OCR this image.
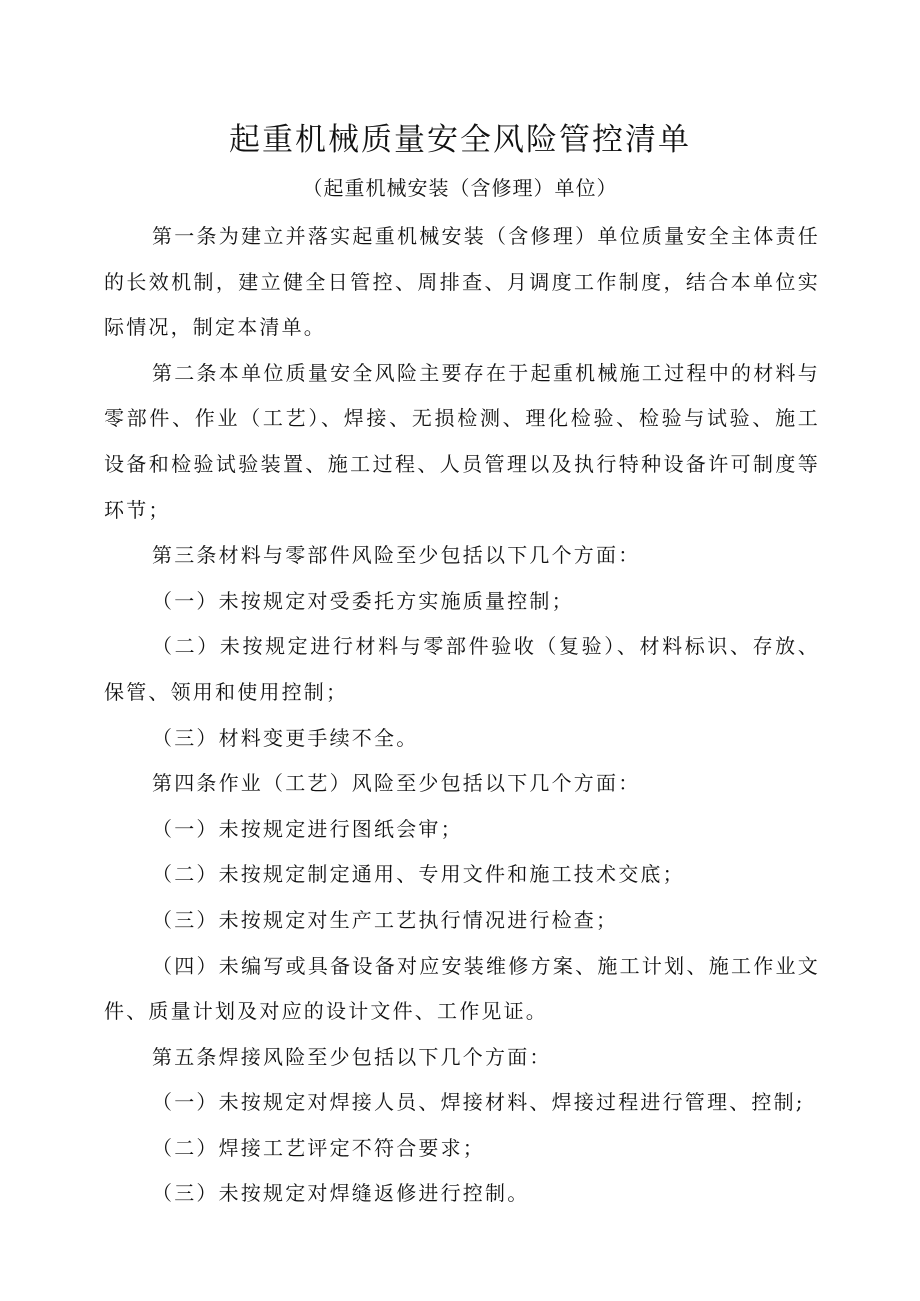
起重机械质量安全风险管控清单
（起重机械安装（含修理）单位）

第一条为建立并落实起重机械安装（含修理）单位质量安全主体责任的长效机制，建立健全日管控、周排查、月调度工作制度，结合本单位实际情况，制定本清单。

第二条本单位质量安全风险主要存在于起重机械施工过程中的材料与零部件、作业（工艺）、焊接、无损检测、理化检验、检验与试验、施工设备和检验试验装置、施工过程、人员管理以及执行特种设备许可制度等环节；

第三条材料与零部件风险至少包括以下几个方面：

（一）未按规定对受委托方实施质量控制；

（二）未按规定进行材料与零部件验收（复验）、材料标识、存放、保管、领用和使用控制；

（三）材料变更手续不全。

第四条作业（工艺）风险至少包括以下几个方面：

（一）未按规定进行图纸会审；

（二）未按规定制定通用、专用文件和施工技术交底；

（三）未按规定对生产工艺执行情况进行检查；

（四）未编写或具备设备对应安装维修方案、施工计划、施工作业文件、质量计划及对应的设计文件、工作见证。

第五条焊接风险至少包括以下几个方面：

（一）未按规定对焊接人员、焊接材料、焊接过程进行管理、控制;

（二）焊接工艺评定不符合要求；

（三）未按规定对焊缝返修进行控制。
